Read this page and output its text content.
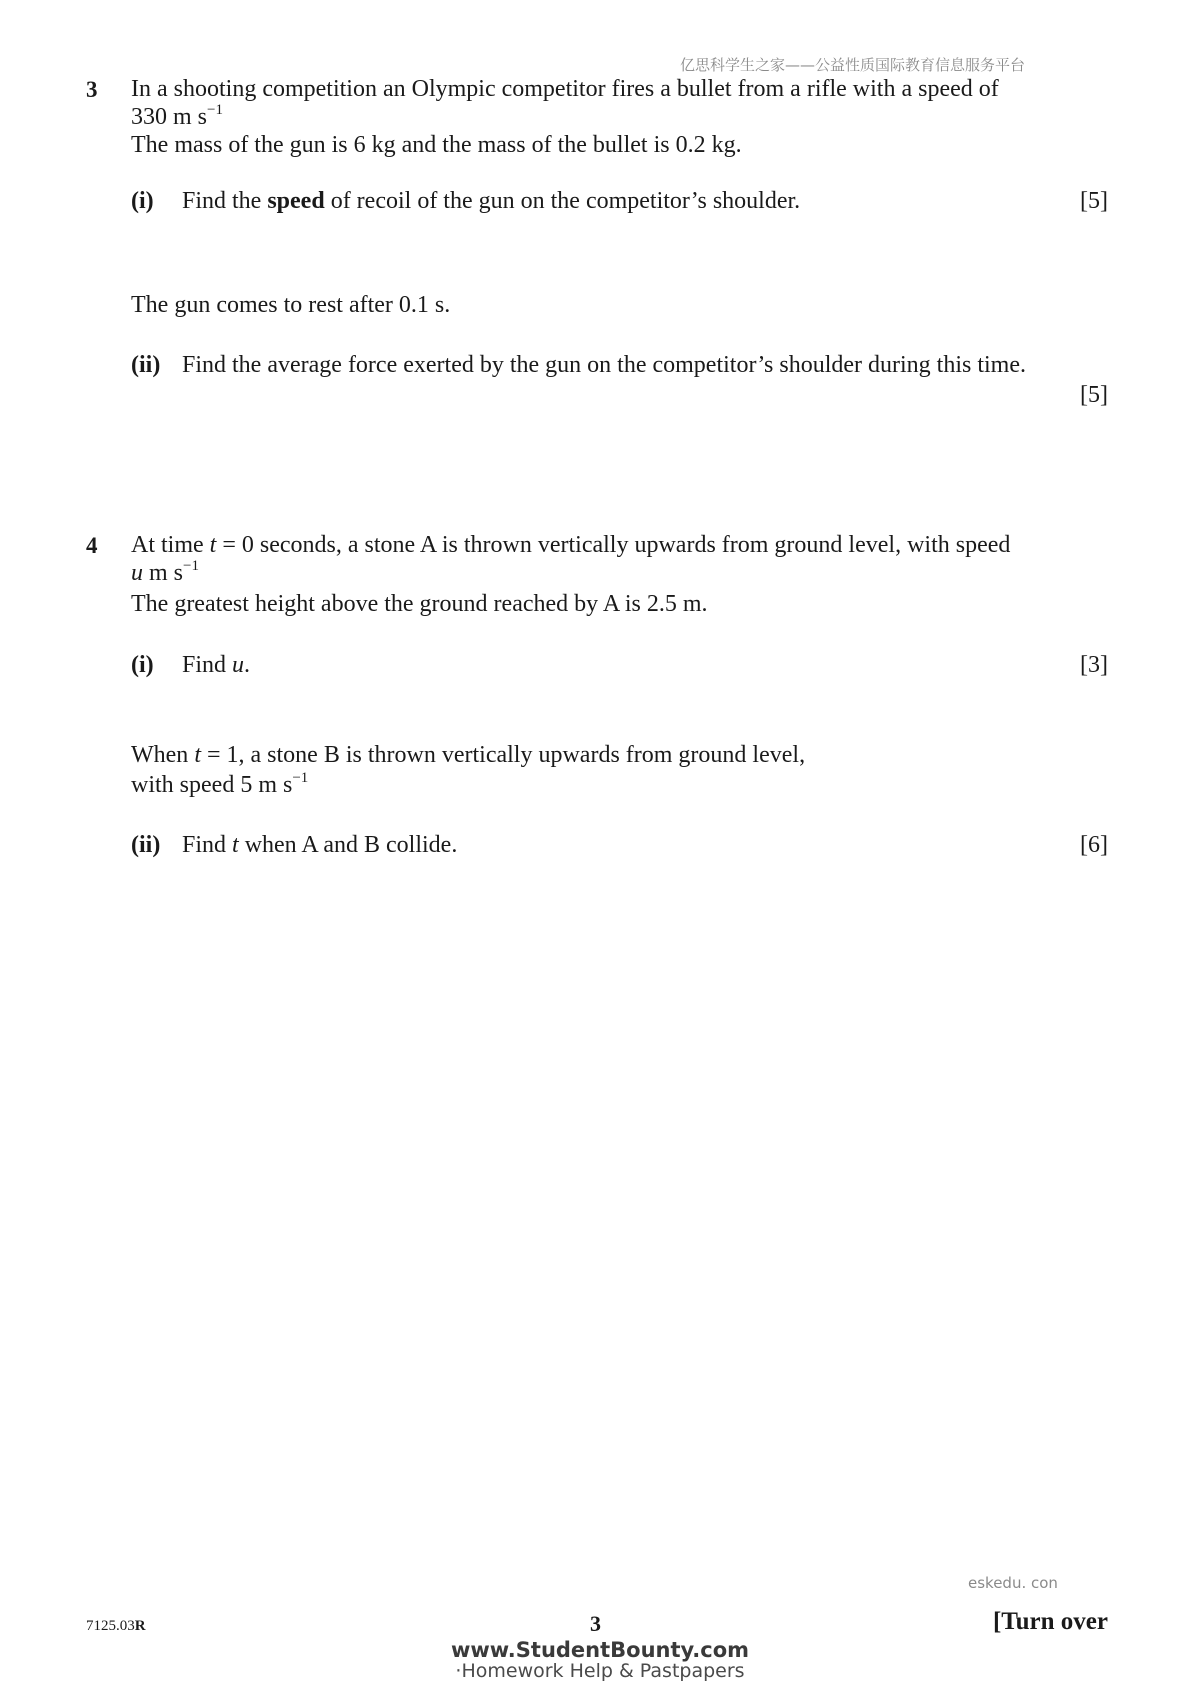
亿思科学生之家——公益性质国际教育信息服务平台
3 In a shooting competition an Olympic competitor fires a bullet from a rifle with a speed of
330 m $s^{-1}$
The mass of the gun is 6 kg and the mass of the bullet is 0.2 kg.
(i) Find the speed of recoil of the gun on the competitor’s shoulder.	[5]
The gun comes to rest after 0.1 s.
(ii) Find the average force exerted by the gun on the competitor’s shoulder during this time.
[5]
4 At time t = 0 seconds, a stone A is thrown vertically upwards from ground level, with speed
u m $s^{-1}$
The greatest height above the ground reached by A is 2.5 m.
(i) Find u.	[3]
When t = 1, a stone B is thrown vertically upwards from ground level,
with speed 5 m $s^{-1}$
(ii) Find t when A and B collide.	[6]
eskedu. con
7125.03R	3	[Turn over
www.StudentBounty.com
·Homework Help & Pastpapers
